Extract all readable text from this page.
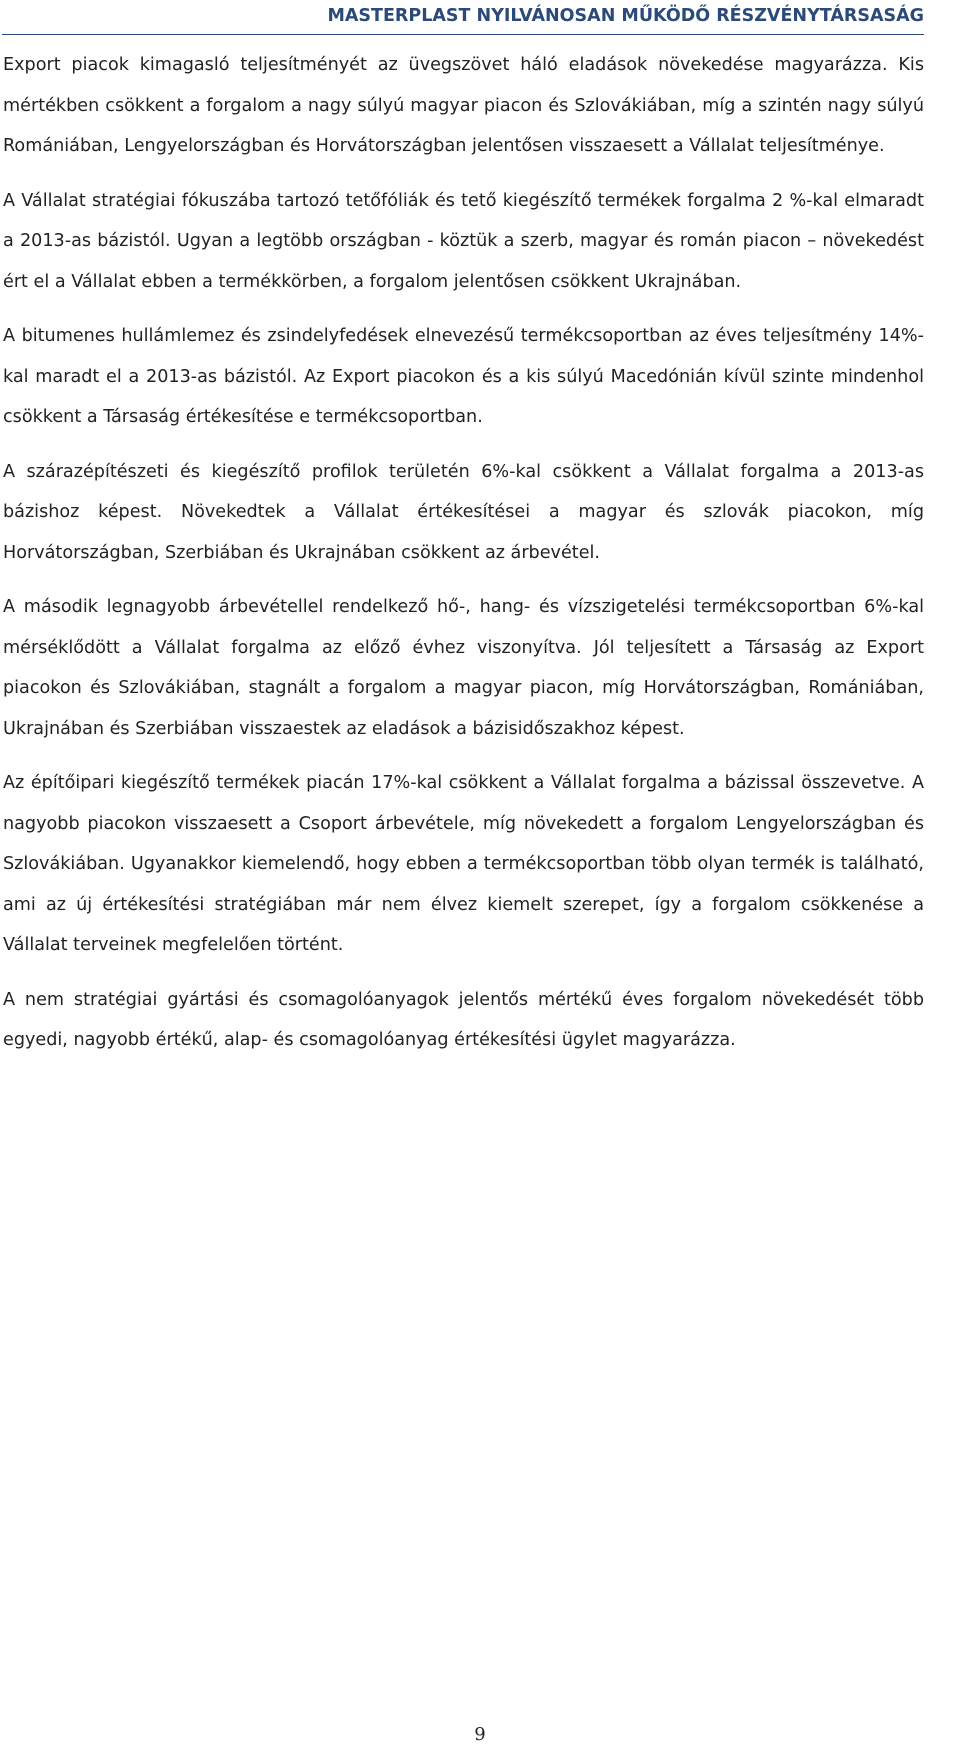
MASTERPLAST NYILVÁNOSAN MŰKÖDŐ RÉSZVÉNYTÁRSASÁG

Export piacok kimagasló teljesítményét az üvegszövet háló eladások növekedése magyarázza. Kis mértékben csökkent a forgalom a nagy súlyú magyar piacon és Szlovákiában, míg a szintén nagy súlyú Romániában, Lengyelországban és Horvátországban jelentősen visszaesett a Vállalat teljesítménye.

A Vállalat stratégiai fókuszába tartozó tetőfóliák és tető kiegészítő termékek forgalma 2 %-kal elmaradt a 2013-as bázistól. Ugyan a legtöbb országban - köztük a szerb, magyar és román piacon – növekedést ért el a Vállalat ebben a termékkörben, a forgalom jelentősen csökkent Ukrajnában.

A bitumenes hullámlemez és zsindelyfedések elnevezésű termékcsoportban az éves teljesítmény 14%-kal maradt el a 2013-as bázistól. Az Export piacokon és a kis súlyú Macedónián kívül szinte mindenhol csökkent a Társaság értékesítése e termékcsoportban.

A szárazépítészeti és kiegészítő profilok területén 6%-kal csökkent a Vállalat forgalma a 2013-as bázishoz képest. Növekedtek a Vállalat értékesítései a magyar és szlovák piacokon, míg Horvátországban, Szerbiában és Ukrajnában csökkent az árbevétel.

A második legnagyobb árbevétellel rendelkező hő-, hang- és vízszigetelési termékcsoportban 6%-kal mérséklődött a Vállalat forgalma az előző évhez viszonyítva. Jól teljesített a Társaság az Export piacokon és Szlovákiában, stagnált a forgalom a magyar piacon, míg Horvátországban, Romániában, Ukrajnában és Szerbiában visszaestek az eladások a bázisidőszakhoz képest.

Az építőipari kiegészítő termékek piacán 17%-kal csökkent a Vállalat forgalma a bázissal összevetve. A nagyobb piacokon visszaesett a Csoport árbevétele, míg növekedett a forgalom Lengyelországban és Szlovákiában. Ugyanakkor kiemelendő, hogy ebben a termékcsoportban több olyan termék is található, ami az új értékesítési stratégiában már nem élvez kiemelt szerepet, így a forgalom csökkenése a Vállalat terveinek megfelelően történt.

A nem stratégiai gyártási és csomagolóanyagok jelentős mértékű éves forgalom növekedését több egyedi, nagyobb értékű, alap- és csomagolóanyag értékesítési ügylet magyarázza.

9
